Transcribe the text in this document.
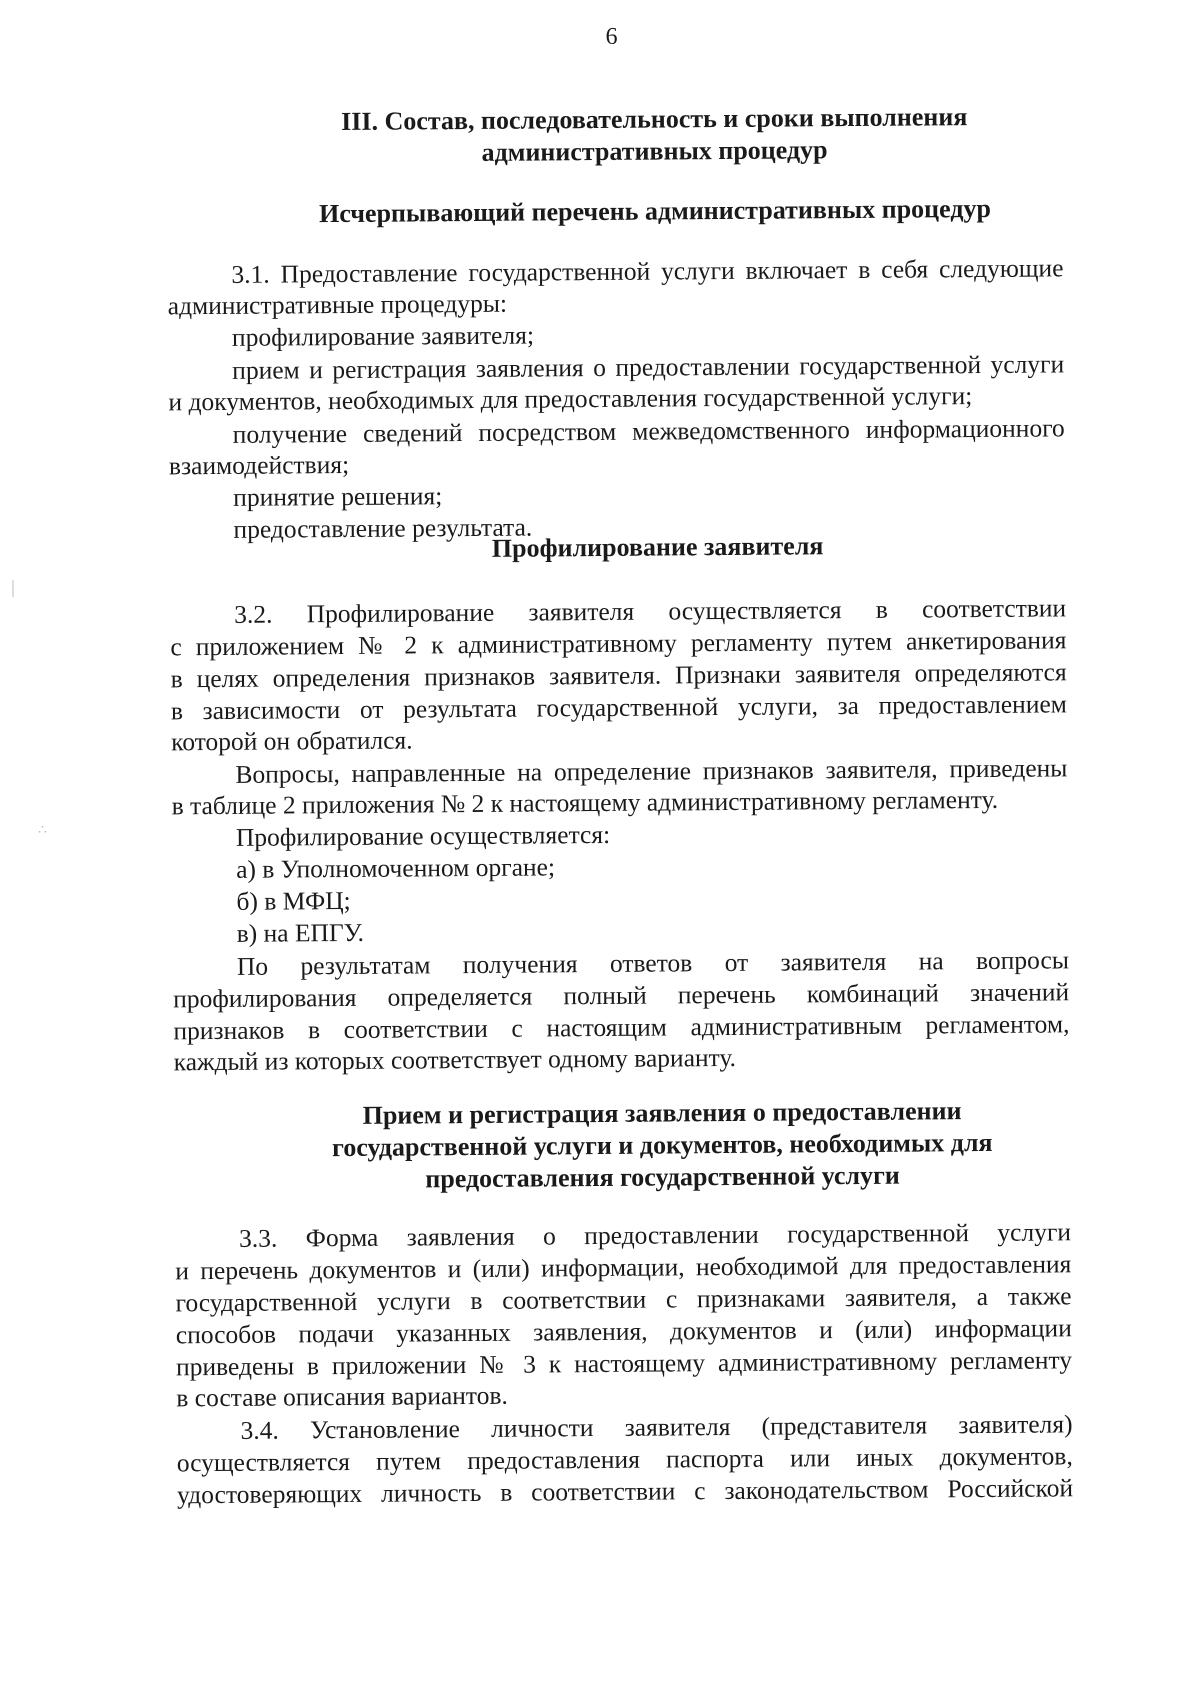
6
III. Состав, последовательность и сроки выполнения
административных процедур
Исчерпывающий перечень административных процедур
3.1. Предоставление государственной услуги включает в себя следующие
административные процедуры:
профилирование заявителя;
прием и регистрация заявления о предоставлении государственной услуги
и документов, необходимых для предоставления государственной услуги;
получение сведений посредством межведомственного информационного
взаимодействия;
принятие решения;
предоставление результата.
Профилирование заявителя
3.2. Профилирование заявителя осуществляется в соответствии
с приложением № 2 к административному регламенту путем анкетирования
в целях определения признаков заявителя. Признаки заявителя определяются
в зависимости от результата государственной услуги, за предоставлением
которой он обратился.
Вопросы, направленные на определение признаков заявителя, приведены
в таблице 2 приложения № 2 к настоящему административному регламенту.
Профилирование осуществляется:
а) в Уполномоченном органе;
б) в МФЦ;
в) на ЕПГУ.
По результатам получения ответов от заявителя на вопросы
профилирования определяется полный перечень комбинаций значений
признаков в соответствии с настоящим административным регламентом,
каждый из которых соответствует одному варианту.
Прием и регистрация заявления о предоставлении
государственной услуги и документов, необходимых для
предоставления государственной услуги
3.3. Форма заявления о предоставлении государственной услуги
и перечень документов и (или) информации, необходимой для предоставления
государственной услуги в соответствии с признаками заявителя, а также
способов подачи указанных заявления, документов и (или) информации
приведены в приложении № 3 к настоящему административному регламенту
в составе описания вариантов.
3.4. Установление личности заявителя (представителя заявителя)
осуществляется путем предоставления паспорта или иных документов,
удостоверяющих личность в соответствии с законодательством Российской
│
∴
